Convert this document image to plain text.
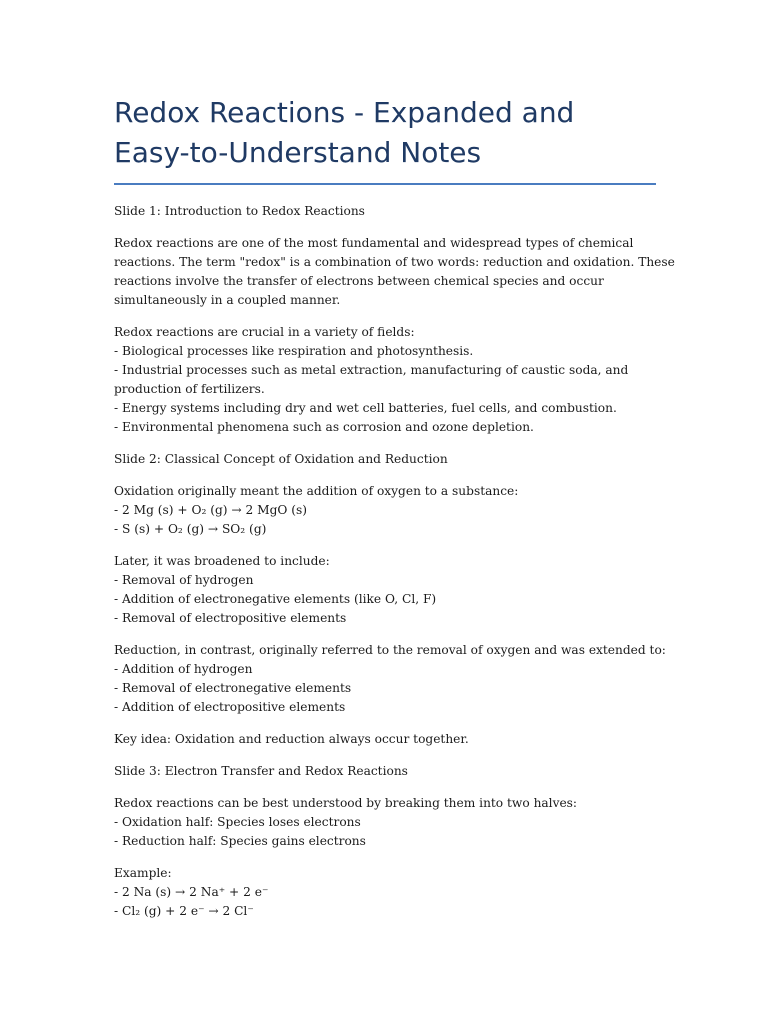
Redox Reactions - Expanded and Easy-to-Understand Notes
Slide 1: Introduction to Redox Reactions
Redox reactions are one of the most fundamental and widespread types of chemical
reactions. The term "redox" is a combination of two words: reduction and oxidation. These
reactions involve the transfer of electrons between chemical species and occur
simultaneously in a coupled manner.
Redox reactions are crucial in a variety of fields:
- Biological processes like respiration and photosynthesis.
- Industrial processes such as metal extraction, manufacturing of caustic soda, and
production of fertilizers.
- Energy systems including dry and wet cell batteries, fuel cells, and combustion.
- Environmental phenomena such as corrosion and ozone depletion.
Slide 2: Classical Concept of Oxidation and Reduction
Oxidation originally meant the addition of oxygen to a substance:
- 2 Mg (s) + O₂ (g) → 2 MgO (s)
- S (s) + O₂ (g) → SO₂ (g)
Later, it was broadened to include:
- Removal of hydrogen
- Addition of electronegative elements (like O, Cl, F)
- Removal of electropositive elements
Reduction, in contrast, originally referred to the removal of oxygen and was extended to:
- Addition of hydrogen
- Removal of electronegative elements
- Addition of electropositive elements
Key idea: Oxidation and reduction always occur together.
Slide 3: Electron Transfer and Redox Reactions
Redox reactions can be best understood by breaking them into two halves:
- Oxidation half: Species loses electrons
- Reduction half: Species gains electrons
Example:
- 2 Na (s) → 2 Na⁺ + 2 e⁻
- Cl₂ (g) + 2 e⁻ → 2 Cl⁻
